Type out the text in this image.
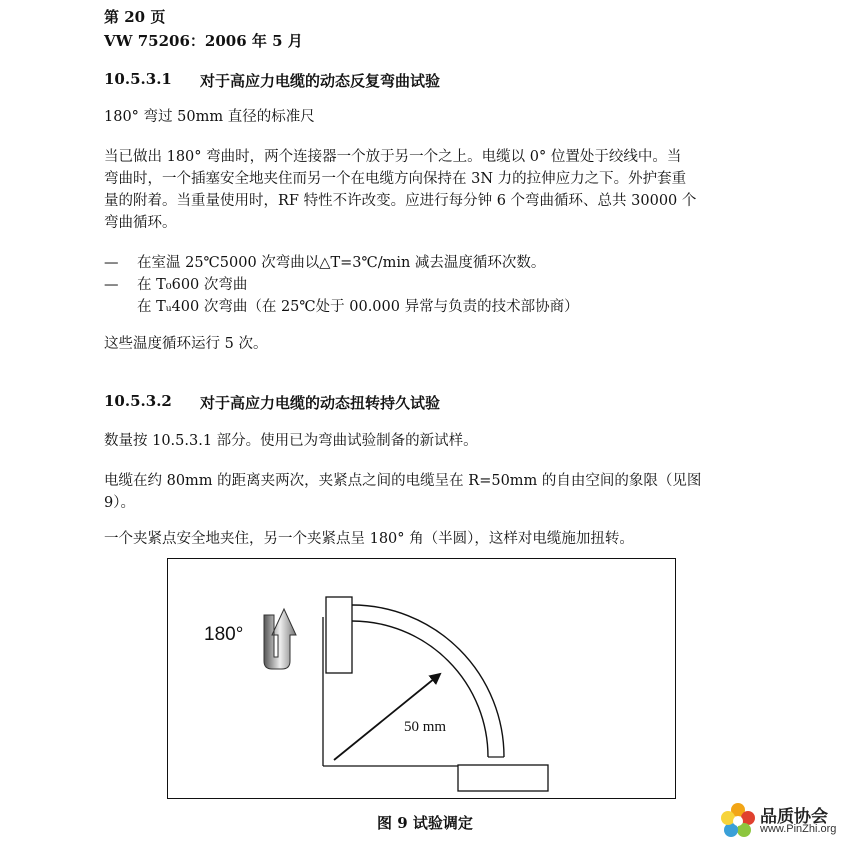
第 20 页
VW 75206：2006 年 5 月
10.5.3.1 对于高应力电缆的动态反复弯曲试验
180° 弯过 50mm 直径的标准尺
当已做出 180° 弯曲时，两个连接器一个放于另一个之上。电缆以 0° 位置处于绞线中。当
弯曲时，一个插塞安全地夹住而另一个在电缆方向保持在 3N 力的拉伸应力之下。外护套重
量的附着。当重量使用时，RF 特性不许改变。应进行每分钟 6 个弯曲循环、总共 30000 个
弯曲循环。
— 在室温 25℃5000 次弯曲以△T=3℃/min 减去温度循环次数。
— 在 T₀600 次弯曲
在 Tᵤ400 次弯曲（在 25℃处于 00.000 异常与负责的技术部协商）
这些温度循环运行 5 次。
10.5.3.2 对于高应力电缆的动态扭转持久试验
数量按 10.5.3.1 部分。使用已为弯曲试验制备的新试样。
电缆在约 80mm 的距离夹两次，夹紧点之间的电缆呈在 R=50mm 的自由空间的象限（见图
9）。
一个夹紧点安全地夹住，另一个夹紧点呈 180° 角（半圆），这样对电缆施加扭转。
180°
50 mm
图 9 试验调定	品质协会
www.PinZhi.org
